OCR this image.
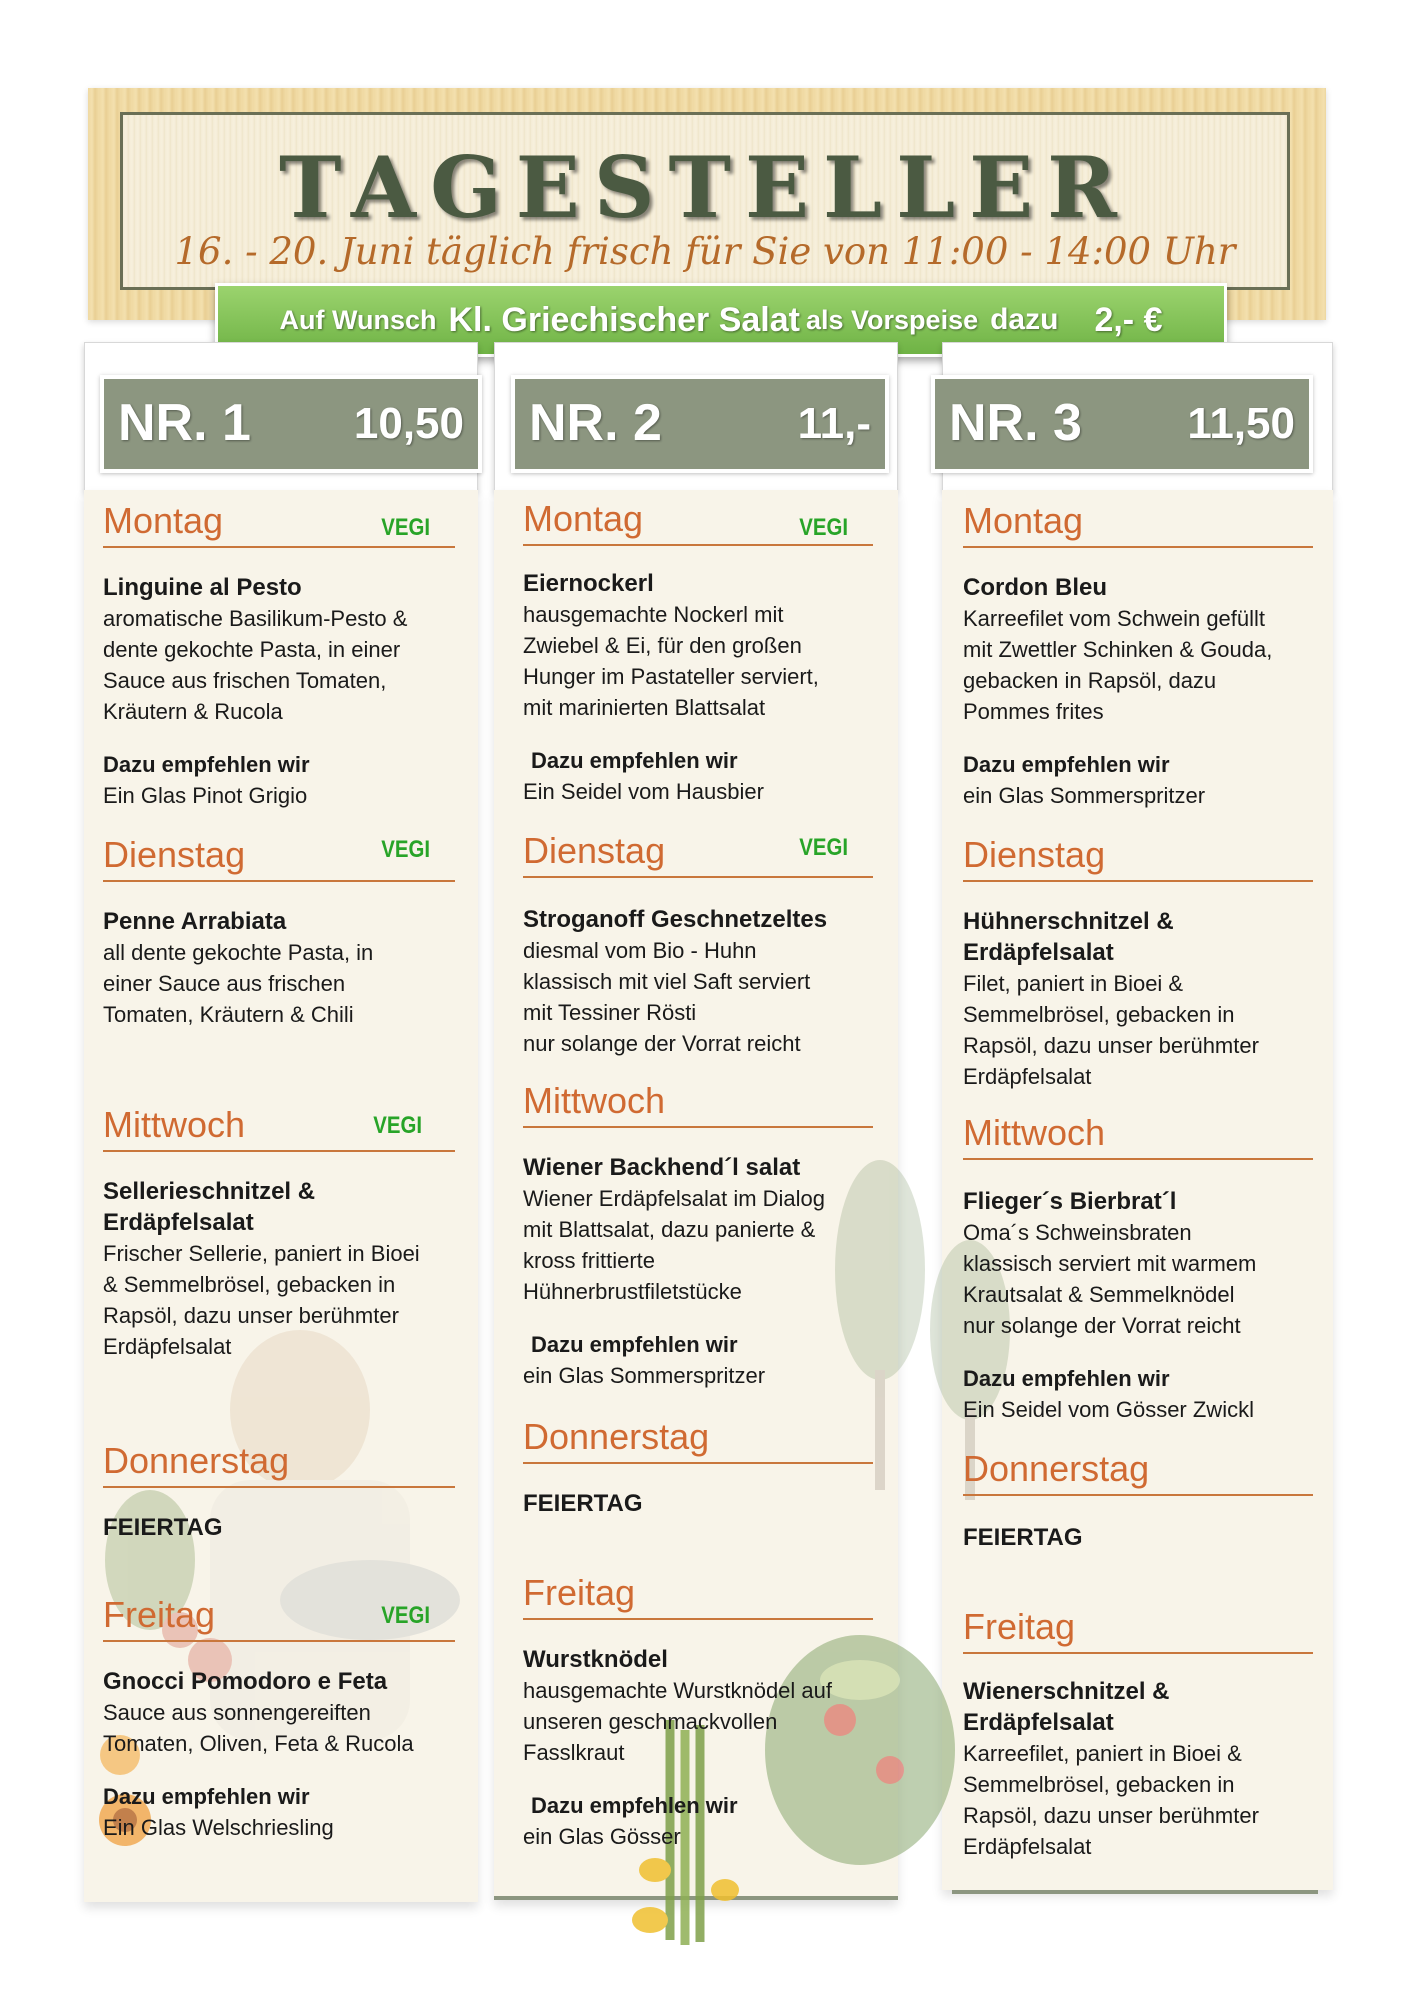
TAGESTELLER
16. - 20. Juni täglich frisch für Sie von 11:00 - 14:00 Uhr
Auf Wunsch Kl. Griechischer Salat als Vorspeise dazu 2,- €
NR. 1 10,50 NR. 2	11,- NR. 3 11,50
Montag	VEGI
Linguine al Pesto
aromatische Basilikum-Pesto &
dente gekochte Pasta, in einer
Sauce aus frischen Tomaten,
Kräutern & Rucola
Dazu empfehlen wir
Ein Glas Pinot Grigio
Dienstag	VEGI
Penne Arrabiata
all dente gekochte Pasta, in
einer Sauce aus frischen
Tomaten, Kräutern & Chili
Mittwoch	VEGI
Sellerieschnitzel &
Erdäpfelsalat
Frischer Sellerie, paniert in Bioei
& Semmelbrösel, gebacken in
Rapsöl, dazu unser berühmter
Erdäpfelsalat
Donnerstag
FEIERTAG
Freitag	VEGI
Gnocci Pomodoro e Feta
Sauce aus sonnengereiften
Tomaten, Oliven, Feta & Rucola
Dazu empfehlen wir
Ein Glas Welschriesling
Montag	VEGI
Eiernockerl
hausgemachte Nockerl mit
Zwiebel & Ei, für den großen
Hunger im Pastateller serviert,
mit marinierten Blattsalat
Dazu empfehlen wir
Ein Seidel vom Hausbier
Dienstag	VEGI
Stroganoff Geschnetzeltes
diesmal vom Bio - Huhn
klassisch mit viel Saft serviert
mit Tessiner Rösti
nur solange der Vorrat reicht
Mittwoch
Wiener Backhend´l salat
Wiener Erdäpfelsalat im Dialog
mit Blattsalat, dazu panierte &
kross frittierte
Hühnerbrustfiletstücke
Dazu empfehlen wir
ein Glas Sommerspritzer
Donnerstag
FEIERTAG
Freitag
Wurstknödel
hausgemachte Wurstknödel auf
unseren geschmackvollen
Fasslkraut
Dazu empfehlen wir
ein Glas Gösser
Montag
Cordon Bleu
Karreefilet vom Schwein gefüllt
mit Zwettler Schinken & Gouda,
gebacken in Rapsöl, dazu
Pommes frites
Dazu empfehlen wir
ein Glas Sommerspritzer
Dienstag
Hühnerschnitzel &
Erdäpfelsalat
Filet, paniert in Bioei &
Semmelbrösel, gebacken in
Rapsöl, dazu unser berühmter
Erdäpfelsalat
Mittwoch
Flieger´s Bierbrat´l
Oma´s Schweinsbraten
klassisch serviert mit warmem
Krautsalat & Semmelknödel
nur solange der Vorrat reicht
Dazu empfehlen wir
Ein Seidel vom Gösser Zwickl
Donnerstag
FEIERTAG
Freitag
Wienerschnitzel &
Erdäpfelsalat
Karreefilet, paniert in Bioei &
Semmelbrösel, gebacken in
Rapsöl, dazu unser berühmter
Erdäpfelsalat
